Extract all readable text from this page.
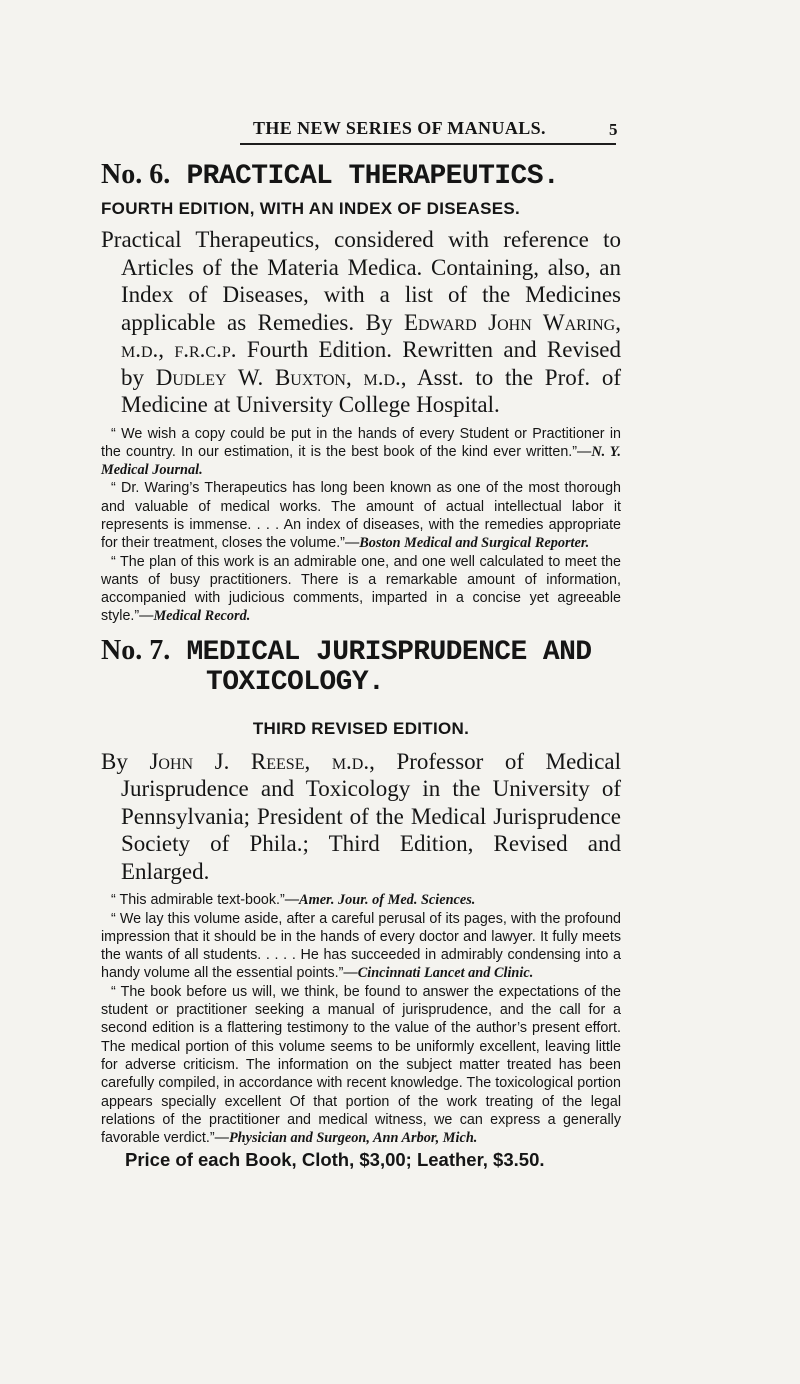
THE NEW SERIES OF MANUALS.	5
No. 6. PRACTICAL THERAPEUTICS.
FOURTH EDITION, WITH AN INDEX OF DISEASES.

Practical Therapeutics, considered with reference to Articles of the Materia Medica. Containing, also, an Index of Diseases, with a list of the Medicines applicable as Remedies. By Edward John Waring, m.d., f.r.c.p. Fourth Edition. Rewritten and Revised by Dudley W. Buxton, m.d., Asst. to the Prof. of Medicine at University College Hospital.

“ We wish a copy could be put in the hands of every Student or Practitioner in the country. In our estimation, it is the best book of the kind ever written.”—N. Y. Medical Journal.

“ Dr. Waring’s Therapeutics has long been known as one of the most thorough and valuable of medical works. The amount of actual intellectual labor it represents is immense. . . . An index of diseases, with the remedies appropriate for their treatment, closes the volume.”—Boston Medical and Surgical Reporter.

“ The plan of this work is an admirable one, and one well calculated to meet the wants of busy practitioners. There is a remarkable amount of information, accompanied with judicious comments, imparted in a concise yet agreeable style.”—Medical Record.

No. 7. MEDICAL JURISPRUDENCE AND
TOXICOLOGY.
THIRD REVISED EDITION.

By John J. Reese, m.d., Professor of Medical Jurisprudence and Toxicology in the University of Pennsylvania; President of the Medical Jurisprudence Society of Phila.; Third Edition, Revised and Enlarged.

“ This admirable text-book.”—Amer. Jour. of Med. Sciences.

“ We lay this volume aside, after a careful perusal of its pages, with the profound impression that it should be in the hands of every doctor and lawyer. It fully meets the wants of all students. . . . . He has succeeded in admirably condensing into a handy volume all the essential points.”—Cincinnati Lancet and Clinic.

“ The book before us will, we think, be found to answer the expectations of the student or practitioner seeking a manual of jurisprudence, and the call for a second edition is a flattering testimony to the value of the author’s present effort. The medical portion of this volume seems to be uniformly excellent, leaving little for adverse criticism. The information on the subject matter treated has been carefully compiled, in accordance with recent knowledge. The toxicological portion appears specially excellent Of that portion of the work treating of the legal relations of the practitioner and medical witness, we can express a generally favorable verdict.”—Physician and Surgeon, Ann Arbor, Mich.

Price of each Book, Cloth, $3,00; Leather, $3.50.
